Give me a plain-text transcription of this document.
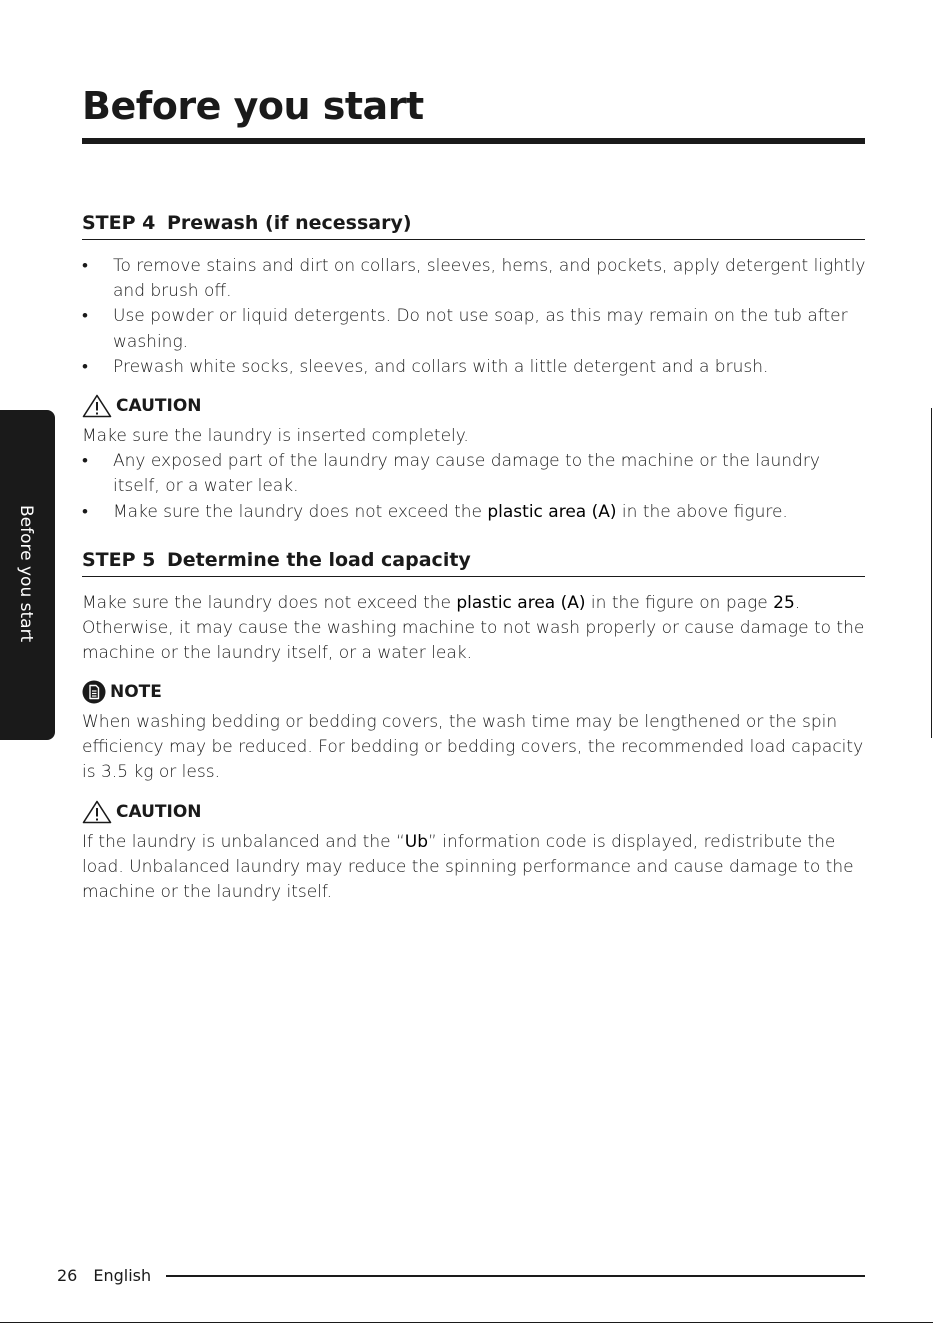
Before you start
Before you start
STEP 4 Prewash (if necessary)
• To remove stains and dirt on collars, sleeves, hems, and pockets, apply detergent lightly and brush off.
• Use powder or liquid detergents. Do not use soap, as this may remain on the tub after washing.
• Prewash white socks, sleeves, and collars with a little detergent and a brush.
CAUTION
Make sure the laundry is inserted completely.
• Any exposed part of the laundry may cause damage to the machine or the laundry itself, or a water leak.
• Make sure the laundry does not exceed the plastic area (A) in the above figure.
STEP 5 Determine the load capacity
Make sure the laundry does not exceed the plastic area (A) in the figure on page 25. Otherwise, it may cause the washing machine to not wash properly or cause damage to the machine or the laundry itself, or a water leak.
NOTE
When washing bedding or bedding covers, the wash time may be lengthened or the spin efficiency may be reduced. For bedding or bedding covers, the recommended load capacity is 3.5 kg or less.
CAUTION
If the laundry is unbalanced and the “Ub” information code is displayed, redistribute the load. Unbalanced laundry may reduce the spinning performance and cause damage to the machine or the laundry itself.
26 English
